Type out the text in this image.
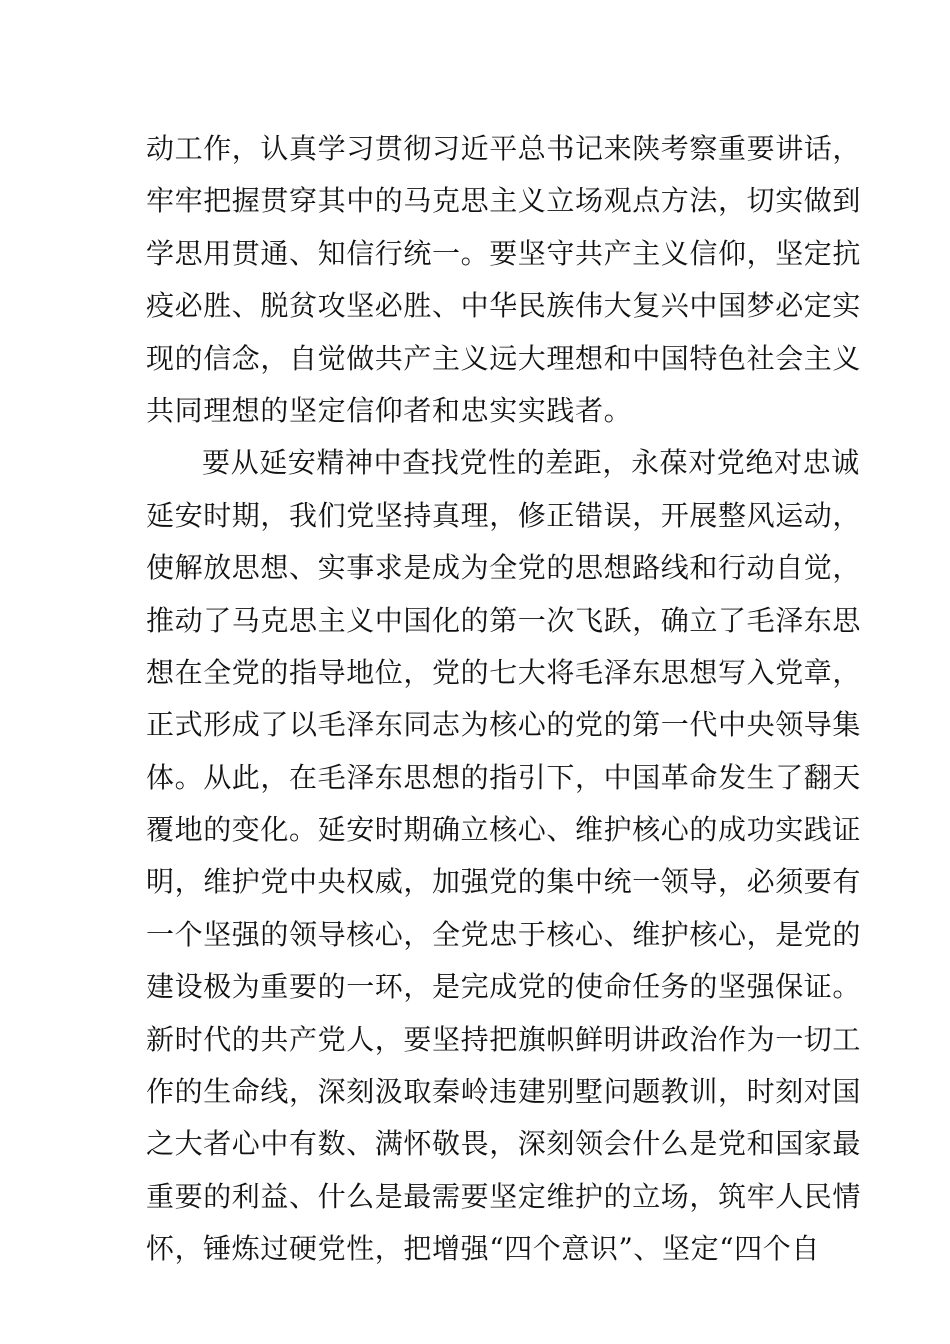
动工作，认真学习贯彻习近平总书记来陕考察重要讲话，
牢牢把握贯穿其中的马克思主义立场观点方法，切实做到
学思用贯通、知信行统一。要坚守共产主义信仰，坚定抗
疫必胜、脱贫攻坚必胜、中华民族伟大复兴中国梦必定实
现的信念，自觉做共产主义远大理想和中国特色社会主义
共同理想的坚定信仰者和忠实实践者。
要从延安精神中查找党性的差距，永葆对党绝对忠诚
延安时期，我们党坚持真理，修正错误，开展整风运动，
使解放思想、实事求是成为全党的思想路线和行动自觉，
推动了马克思主义中国化的第一次飞跃，确立了毛泽东思
想在全党的指导地位，党的七大将毛泽东思想写入党章，
正式形成了以毛泽东同志为核心的党的第一代中央领导集
体。从此，在毛泽东思想的指引下，中国革命发生了翻天
覆地的变化。延安时期确立核心、维护核心的成功实践证
明，维护党中央权威，加强党的集中统一领导，必须要有
一个坚强的领导核心，全党忠于核心、维护核心，是党的
建设极为重要的一环，是完成党的使命任务的坚强保证。
新时代的共产党人，要坚持把旗帜鲜明讲政治作为一切工
作的生命线，深刻汲取秦岭违建别墅问题教训，时刻对国
之大者心中有数、满怀敬畏，深刻领会什么是党和国家最
重要的利益、什么是最需要坚定维护的立场，筑牢人民情
怀，锤炼过硬党性，把增强“四个意识”、坚定“四个自
